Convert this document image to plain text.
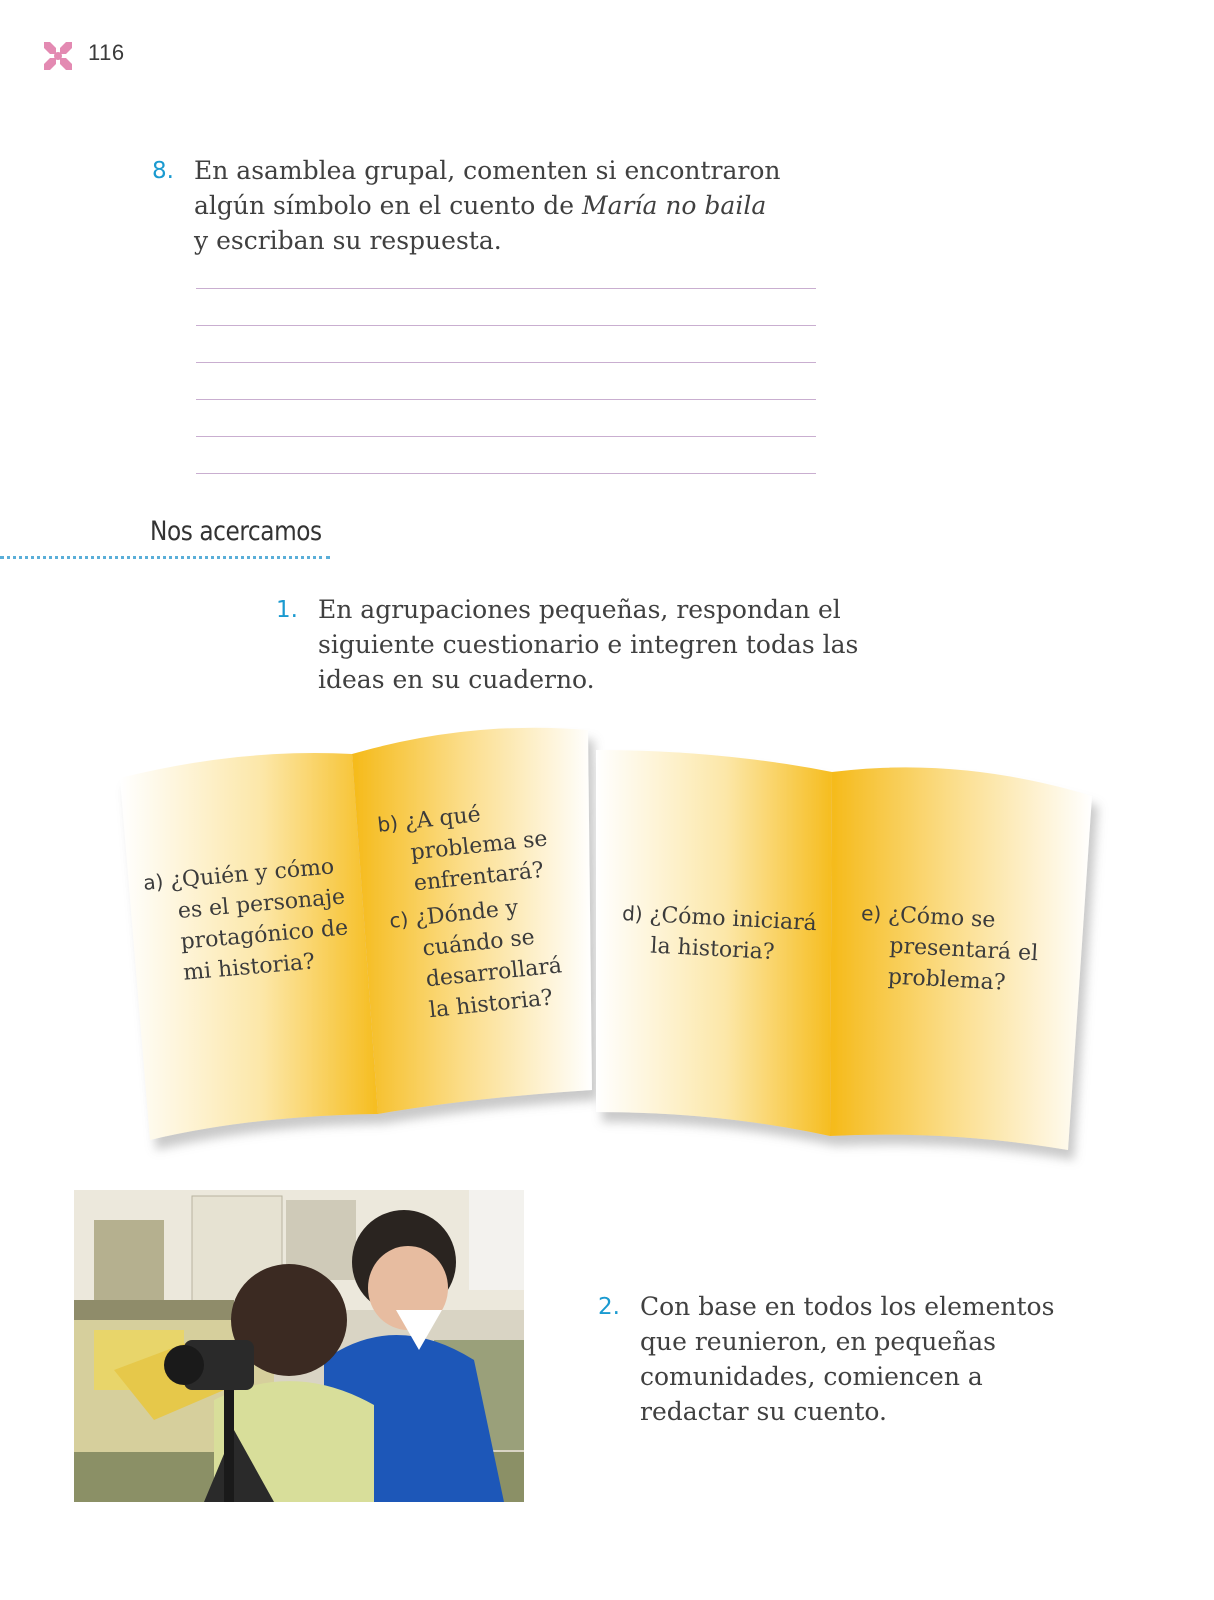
116
8. En asamblea grupal, comenten si encontraron
algún símbolo en el cuento de María no baila
y escriban su respuesta.
Nos acercamos
1. En agrupaciones pequeñas, respondan el
siguiente cuestionario e integren todas las
ideas en su cuaderno.
a) ¿Quién y cómo
es el personaje
protagónico de
mi historia?
b) ¿A qué
problema se
enfrentará?
c) ¿Dónde y
cuándo se
desarrollará
la historia?
d) ¿Cómo iniciará
la historia?
e) ¿Cómo se
presentará el
problema?
2. Con base en todos los elementos
que reunieron, en pequeñas
comunidades, comiencen a
redactar su cuento.
